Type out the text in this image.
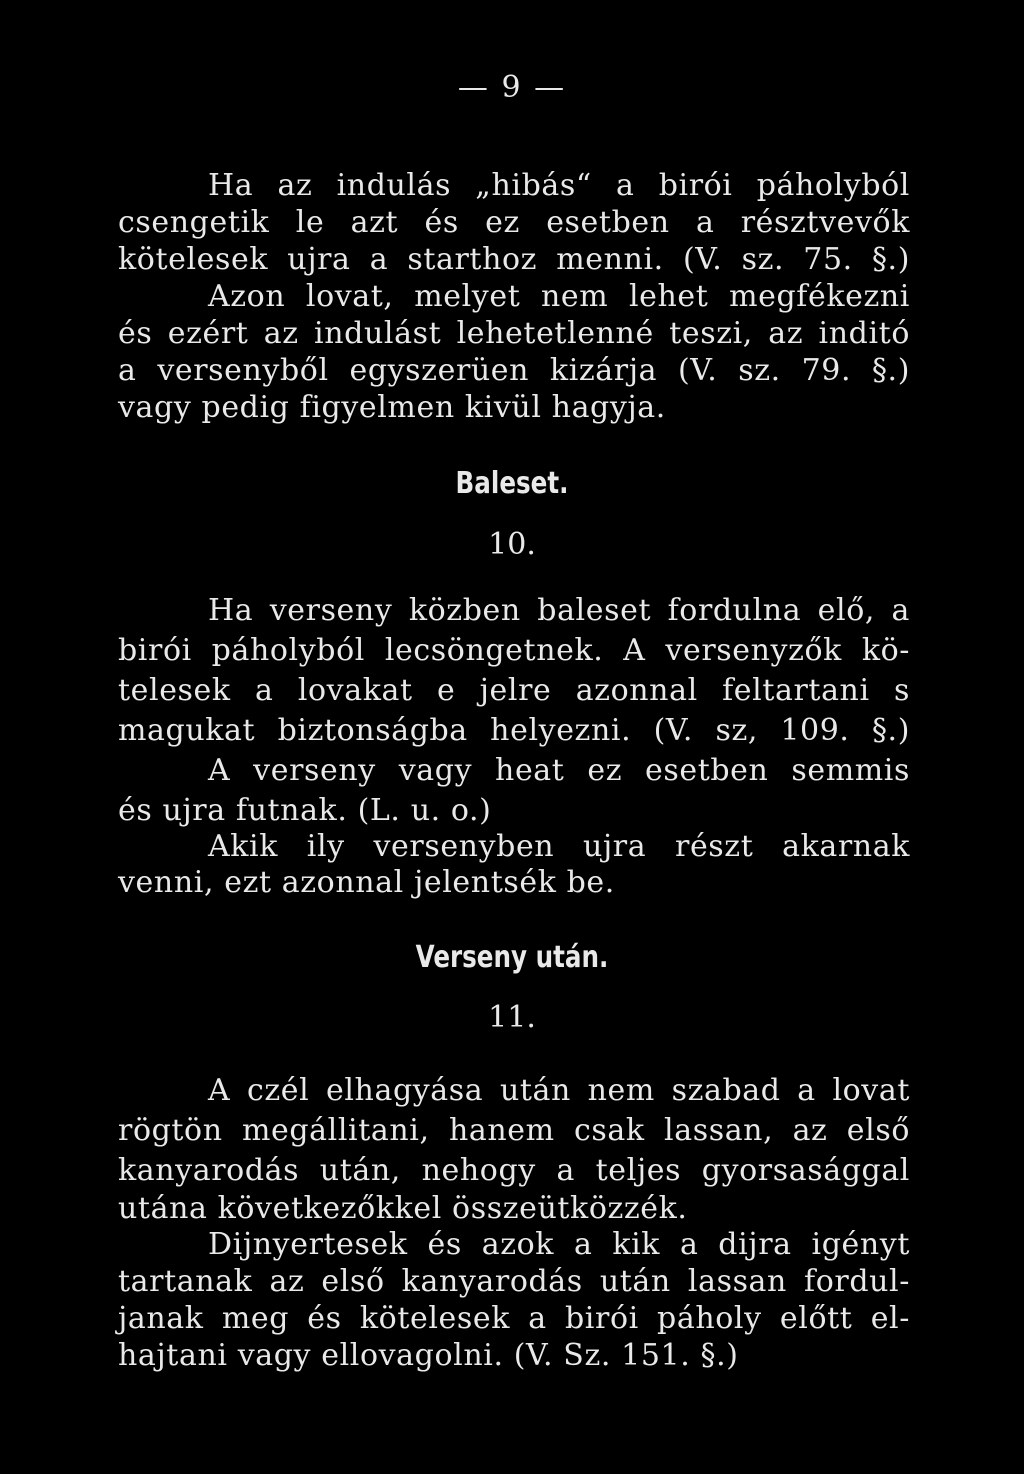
— 9 —
Ha az indulás „hibás“ a birói páholyból
csengetik le azt és ez esetben a résztvevők
kötelesek ujra a starthoz menni. (V. sz. 75. §.)
Azon lovat, melyet nem lehet megfékezni
és ezért az indulást lehetetlenné teszi, az inditó
a versenyből egyszerüen kizárja (V. sz. 79. §.)
vagy pedig figyelmen kivül hagyja.
Baleset.
10.
Ha verseny közben baleset fordulna elő, a
birói páholyból lecsöngetnek. A versenyzők kö-
telesek a lovakat e jelre azonnal feltartani s
magukat biztonságba helyezni. (V. sz, 109. §.)
A verseny vagy heat ez esetben semmis
és ujra futnak. (L. u. o.)
Akik ily versenyben ujra részt akarnak
venni, ezt azonnal jelentsék be.
Verseny után.
11.
A czél elhagyása után nem szabad a lovat
rögtön megállitani, hanem csak lassan, az első
kanyarodás után, nehogy a teljes gyorsasággal
utána következőkkel összeütközzék.
Dijnyertesek és azok a kik a dijra igényt
tartanak az első kanyarodás után lassan fordul-
janak meg és kötelesek a birói páholy előtt el-
hajtani vagy ellovagolni. (V. Sz. 151. §.)
